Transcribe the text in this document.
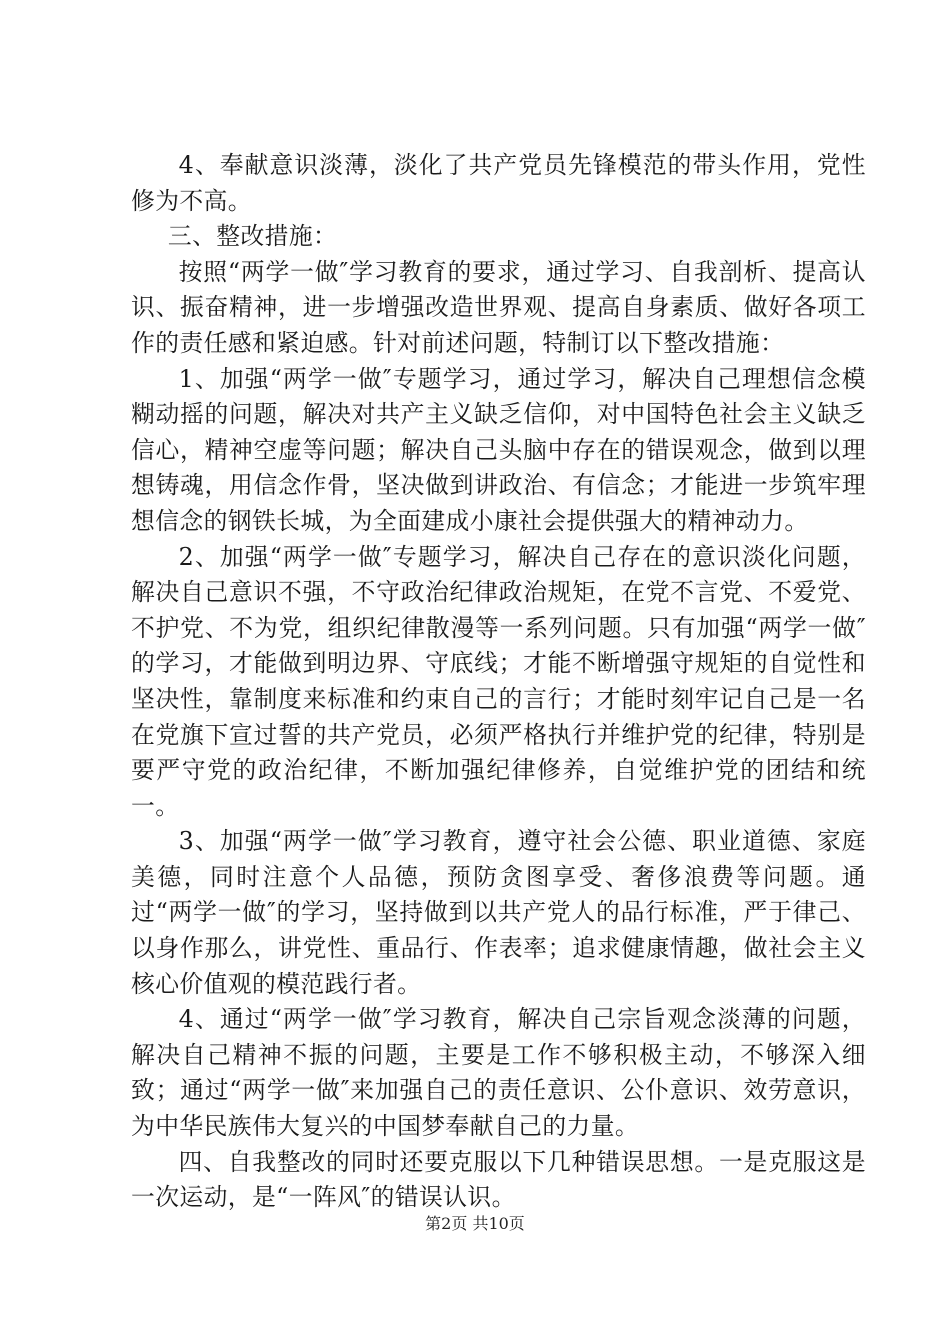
4、奉献意识淡薄，淡化了共产党员先锋模范的带头作用，党性修为不高。

三、整改措施：

按照“两学一做″学习教育的要求，通过学习、自我剖析、提高认识、振奋精神，进一步增强改造世界观、提高自身素质、做好各项工作的责任感和紧迫感。针对前述问题，特制订以下整改措施：

1、加强“两学一做″专题学习，通过学习，解决自己理想信念模糊动摇的问题，解决对共产主义缺乏信仰，对中国特色社会主义缺乏信心，精神空虚等问题；解决自己头脑中存在的错误观念，做到以理想铸魂，用信念作骨，坚决做到讲政治、有信念；才能进一步筑牢理想信念的钢铁长城，为全面建成小康社会提供强大的精神动力。

2、加强“两学一做″专题学习，解决自己存在的意识淡化问题，解决自己意识不强，不守政治纪律政治规矩，在党不言党、不爱党、不护党、不为党，组织纪律散漫等一系列问题。只有加强“两学一做″的学习，才能做到明边界、守底线；才能不断增强守规矩的自觉性和坚决性，靠制度来标准和约束自己的言行；才能时刻牢记自己是一名在党旗下宣过誓的共产党员，必须严格执行并维护党的纪律，特别是要严守党的政治纪律，不断加强纪律修养，自觉维护党的团结和统一。

3、加强“两学一做″学习教育，遵守社会公德、职业道德、家庭美德，同时注意个人品德，预防贪图享受、奢侈浪费等问题。通过“两学一做″的学习，坚持做到以共产党人的品行标准，严于律己、以身作那么，讲党性、重品行、作表率；追求健康情趣，做社会主义核心价值观的模范践行者。

4、通过“两学一做″学习教育，解决自己宗旨观念淡薄的问题，解决自己精神不振的问题，主要是工作不够积极主动，不够深入细致；通过“两学一做″来加强自己的责任意识、公仆意识、效劳意识，为中华民族伟大复兴的中国梦奉献自己的力量。

四、自我整改的同时还要克服以下几种错误思想。一是克服这是一次运动，是“一阵风″的错误认识。

第2页 共10页
